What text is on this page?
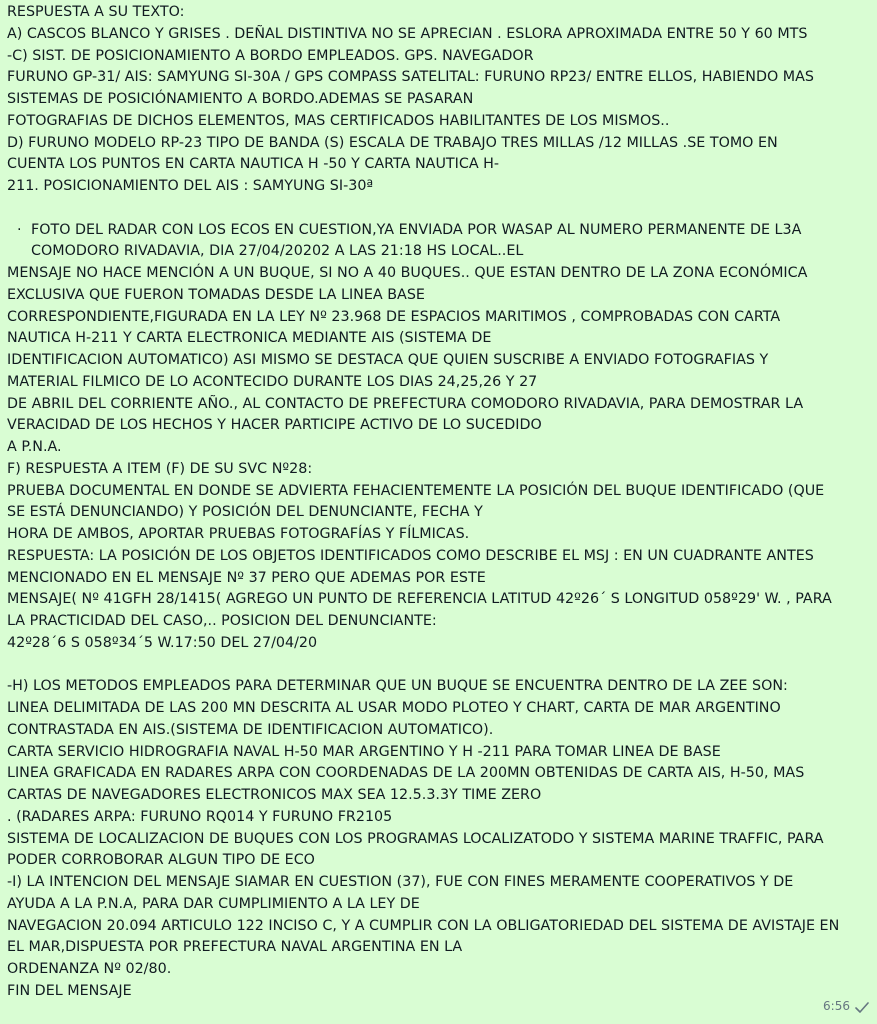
RESPUESTA A SU TEXTO:
A) CASCOS BLANCO Y GRISES . DEÑAL DISTINTIVA NO SE APRECIAN . ESLORA APROXIMADA ENTRE 50 Y 60 MTS
-C) SIST. DE POSICIONAMIENTO A BORDO EMPLEADOS. GPS. NAVEGADOR
FURUNO GP-31/ AIS: SAMYUNG SI-30A / GPS COMPASS SATELITAL: FURUNO RP23/ ENTRE ELLOS, HABIENDO MAS
SISTEMAS DE POSICIÓNAMIENTO A BORDO.ADEMAS SE PASARAN
FOTOGRAFIAS DE DICHOS ELEMENTOS, MAS CERTIFICADOS HABILITANTES DE LOS MISMOS..
D) FURUNO MODELO RP-23 TIPO DE BANDA (S) ESCALA DE TRABAJO TRES MILLAS /12 MILLAS .SE TOMO EN
CUENTA LOS PUNTOS EN CARTA NAUTICA H -50 Y CARTA NAUTICA H-
211. POSICIONAMIENTO DEL AIS : SAMYUNG SI-30ª
· FOTO DEL RADAR CON LOS ECOS EN CUESTION,YA ENVIADA POR WASAP AL NUMERO PERMANENTE DE L3A
COMODORO RIVADAVIA, DIA 27/04/20202 A LAS 21:18 HS LOCAL..EL
MENSAJE NO HACE MENCIÓN A UN BUQUE, SI NO A 40 BUQUES.. QUE ESTAN DENTRO DE LA ZONA ECONÓMICA
EXCLUSIVA QUE FUERON TOMADAS DESDE LA LINEA BASE
CORRESPONDIENTE,FIGURADA EN LA LEY Nº 23.968 DE ESPACIOS MARITIMOS , COMPROBADAS CON CARTA
NAUTICA H-211 Y CARTA ELECTRONICA MEDIANTE AIS (SISTEMA DE
IDENTIFICACION AUTOMATICO) ASI MISMO SE DESTACA QUE QUIEN SUSCRIBE A ENVIADO FOTOGRAFIAS Y
MATERIAL FILMICO DE LO ACONTECIDO DURANTE LOS DIAS 24,25,26 Y 27
DE ABRIL DEL CORRIENTE AÑO., AL CONTACTO DE PREFECTURA COMODORO RIVADAVIA, PARA DEMOSTRAR LA
VERACIDAD DE LOS HECHOS Y HACER PARTICIPE ACTIVO DE LO SUCEDIDO
A P.N.A.
F) RESPUESTA A ITEM (F) DE SU SVC Nº28:
PRUEBA DOCUMENTAL EN DONDE SE ADVIERTA FEHACIENTEMENTE LA POSICIÓN DEL BUQUE IDENTIFICADO (QUE
SE ESTÁ DENUNCIANDO) Y POSICIÓN DEL DENUNCIANTE, FECHA Y
HORA DE AMBOS, APORTAR PRUEBAS FOTOGRAFÍAS Y FÍLMICAS.
RESPUESTA: LA POSICIÓN DE LOS OBJETOS IDENTIFICADOS COMO DESCRIBE EL MSJ : EN UN CUADRANTE ANTES
MENCIONADO EN EL MENSAJE Nº 37 PERO QUE ADEMAS POR ESTE
MENSAJE( Nº 41GFH 28/1415( AGREGO UN PUNTO DE REFERENCIA LATITUD 42º26´ S LONGITUD 058º29' W. , PARA
LA PRACTICIDAD DEL CASO,.. POSICION DEL DENUNCIANTE:
42º28´6 S 058º34´5 W.17:50 DEL 27/04/20
-H) LOS METODOS EMPLEADOS PARA DETERMINAR QUE UN BUQUE SE ENCUENTRA DENTRO DE LA ZEE SON:
LINEA DELIMITADA DE LAS 200 MN DESCRITA AL USAR MODO PLOTEO Y CHART, CARTA DE MAR ARGENTINO
CONTRASTADA EN AIS.(SISTEMA DE IDENTIFICACION AUTOMATICO).
CARTA SERVICIO HIDROGRAFIA NAVAL H-50 MAR ARGENTINO Y H -211 PARA TOMAR LINEA DE BASE
LINEA GRAFICADA EN RADARES ARPA CON COORDENADAS DE LA 200MN OBTENIDAS DE CARTA AIS, H-50, MAS
CARTAS DE NAVEGADORES ELECTRONICOS MAX SEA 12.5.3.3Y TIME ZERO
. (RADARES ARPA: FURUNO RQ014 Y FURUNO FR2105
SISTEMA DE LOCALIZACION DE BUQUES CON LOS PROGRAMAS LOCALIZATODO Y SISTEMA MARINE TRAFFIC, PARA
PODER CORROBORAR ALGUN TIPO DE ECO
-I) LA INTENCION DEL MENSAJE SIAMAR EN CUESTION (37), FUE CON FINES MERAMENTE COOPERATIVOS Y DE
AYUDA A LA P.N.A, PARA DAR CUMPLIMIENTO A LA LEY DE
NAVEGACION 20.094 ARTICULO 122 INCISO C, Y A CUMPLIR CON LA OBLIGATORIEDAD DEL SISTEMA DE AVISTAJE EN
EL MAR,DISPUESTA POR PREFECTURA NAVAL ARGENTINA EN LA
ORDENANZA Nº 02/80.
FIN DEL MENSAJE
6:56
